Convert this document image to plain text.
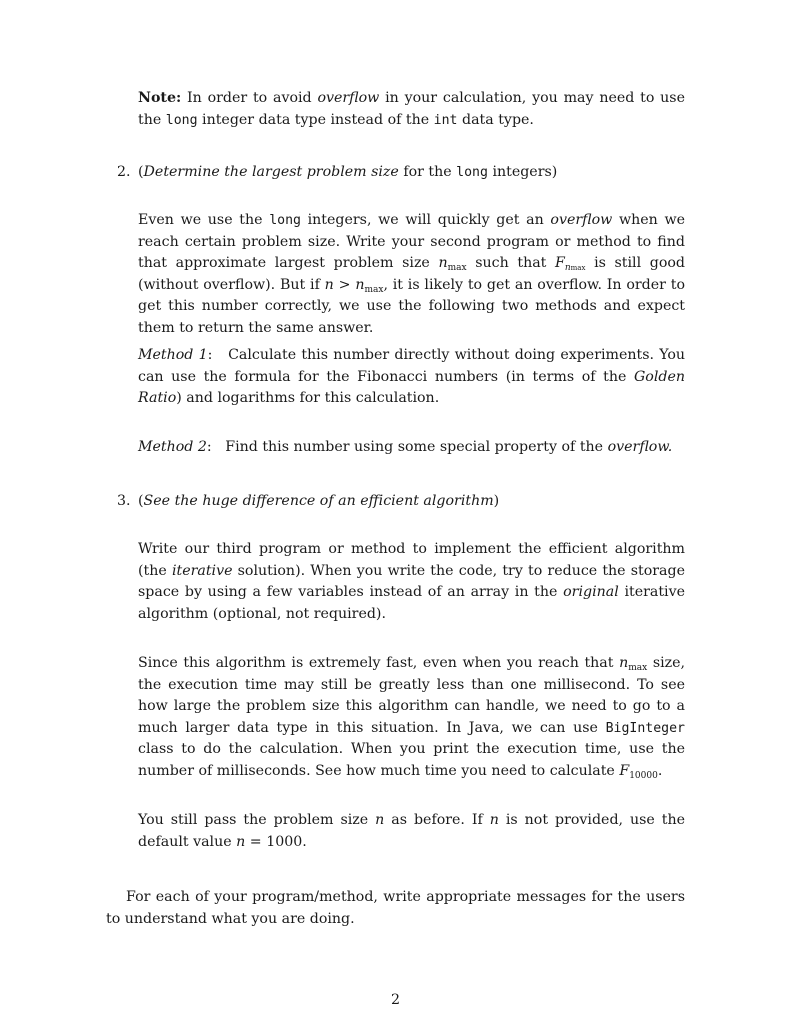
Note: In order to avoid overflow in your calculation, you may need to use the long integer data type instead of the int data type.

2. (Determine the largest problem size for the long integers)

Even we use the long integers, we will quickly get an overflow when we reach certain problem size. Write your second program or method to find that approximate largest problem size $n_{max}$ such that $F_{nmax}$ is still good (without overflow). But if $n > n_{max}$, it is likely to get an overflow. In order to get this number correctly, we use the following two methods and expect them to return the same answer.

Method 1: Calculate this number directly without doing experiments. You can use the formula for the Fibonacci numbers (in terms of the Golden Ratio) and logarithms for this calculation.

Method 2: Find this number using some special property of the overflow.

3. (See the huge difference of an efficient algorithm)

Write our third program or method to implement the efficient algorithm (the iterative solution). When you write the code, try to reduce the storage space by using a few variables instead of an array in the original iterative algorithm (optional, not required).

Since this algorithm is extremely fast, even when you reach that $n_{max}$ size, the execution time may still be greatly less than one millisecond. To see how large the problem size this algorithm can handle, we need to go to a much larger data type in this situation. In Java, we can use BigInteger class to do the calculation. When you print the execution time, use the number of milliseconds. See how much time you need to calculate $F_{10000}$.

You still pass the problem size n as before. If n is not provided, use the default value n = 1000.

For each of your program/method, write appropriate messages for the users to understand what you are doing.

2
